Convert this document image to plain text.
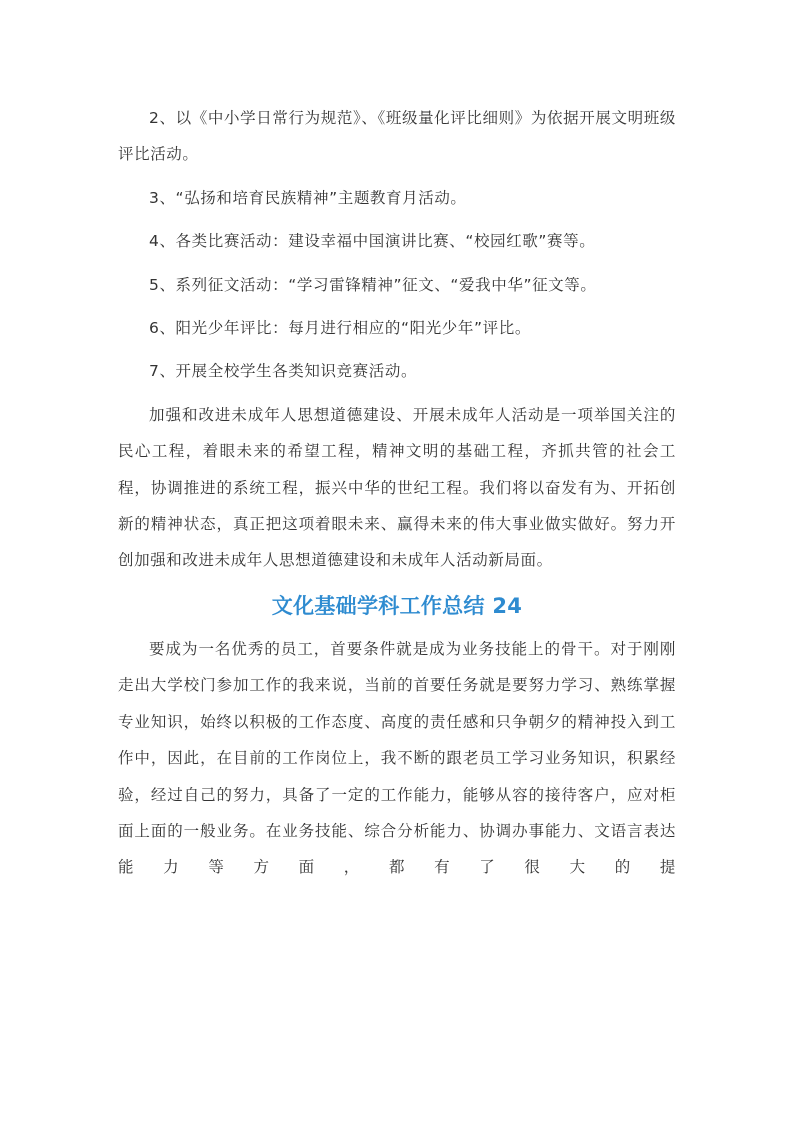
2、以《中小学日常行为规范》、《班级量化评比细则》为依据开展文明班级评比活动。

3、“弘扬和培育民族精神”主题教育月活动。

4、各类比赛活动：建设幸福中国演讲比赛、“校园红歌”赛等。

5、系列征文活动：“学习雷锋精神”征文、“爱我中华”征文等。

6、阳光少年评比：每月进行相应的“阳光少年”评比。

7、开展全校学生各类知识竞赛活动。

加强和改进未成年人思想道德建设、开展未成年人活动是一项举国关注的民心工程，着眼未来的希望工程，精神文明的基础工程，齐抓共管的社会工程，协调推进的系统工程，振兴中华的世纪工程。我们将以奋发有为、开拓创新的精神状态，真正把这项着眼未来、赢得未来的伟大事业做实做好。努力开创加强和改进未成年人思想道德建设和未成年人活动新局面。

文化基础学科工作总结 24

要成为一名优秀的员工，首要条件就是成为业务技能上的骨干。对于刚刚走出大学校门参加工作的我来说，当前的首要任务就是要努力学习、熟练掌握专业知识，始终以积极的工作态度、高度的责任感和只争朝夕的精神投入到工作中，因此，在目前的工作岗位上，我不断的跟老员工学习业务知识，积累经验，经过自己的努力，具备了一定的工作能力，能够从容的接待客户，应对柜面上面的一般业务。在业务技能、综合分析能力、协调办事能力、文语言表达能力等方面，都有了很大的提
